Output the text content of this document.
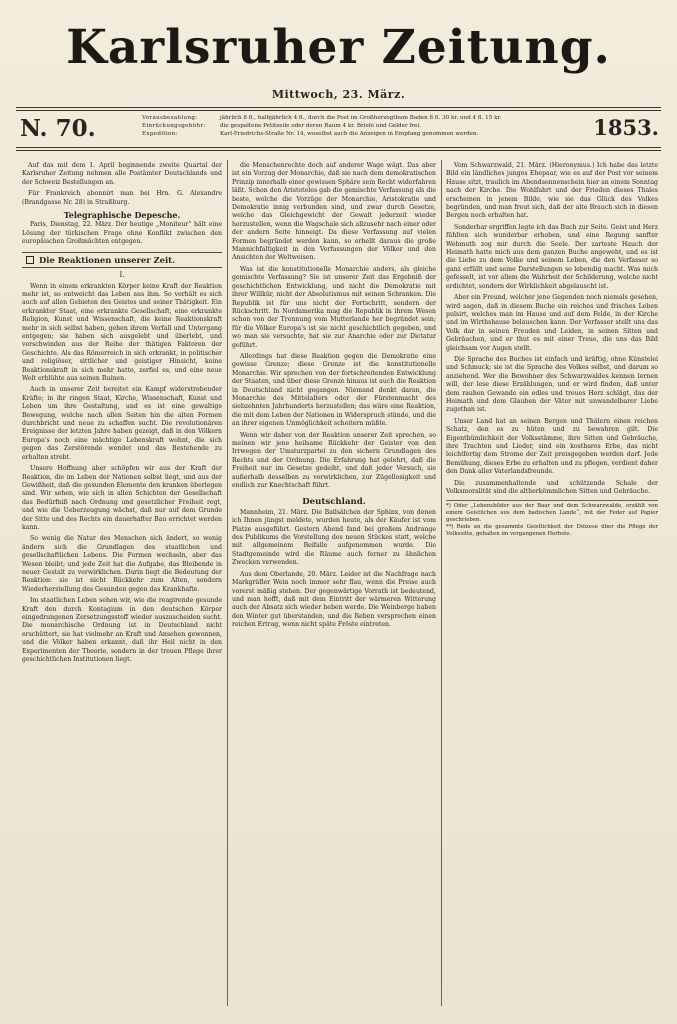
Karlsruher Zeitung.
Mittwoch, 23. März.
N. 70.	Vorausbezahlung:	jährlich 8 fl., halbjährlich 4 fl., durch die Post im Großherzogthum Baden 8 fl. 30 kr. und 4 fl. 15 kr.
Einrückungsgebühr:	die gespaltene Petitzeile oder deren Raum 4 kr. Briefe und Gelder frei.
Expedition:	Karl-Friedrichs-Straße Nr. 14, woselbst auch die Anzeigen in Empfang genommen werden.	1853.

Auf das mit dem 1. April beginnende zweite Quartal der Karlsruher Zeitung nehmen alle Postämter Deutschlands und der Schweiz Bestellungen an.

Für Frankreich abonnirt man bei Hrn. G. Alexandre (Brandgasse Nr. 28) in Straßburg.

Telegraphische Depesche.

Paris, Dienstag, 22. März. Der heutige „Moniteur“ hält eine Lösung der türkischen Frage ohne Konflikt zwischen den europäischen Großmächten entgegen.

Die Reaktionen unserer Zeit.
I.

Wenn in einem erkrankten Körper keine Kraft der Reaktion mehr ist, so entweicht das Leben aus ihm. So verhält es sich auch auf allen Gebieten des Geistes und seiner Thätigkeit. Ein erkrankter Staat, eine erkrankte Gesellschaft, eine erkrankte Religion, Kunst und Wissenschaft, die keine Reaktionskraft mehr in sich selbst haben, gehen ihrem Verfall und Untergang entgegen; sie haben sich ausgelebt und überlebt, und verschwinden aus der Reihe der thätigen Faktoren der Geschichte. Als das Römerreich in sich erkrankt, in politischer und religiöser, sittlicher und geistiger Hinsicht, keine Reaktionskraft in sich mehr hatte, zerfiel es, und eine neue Welt erblühte aus seinen Ruinen.

Auch in unserer Zeit bereitet ein Kampf widerstrebender Kräfte; in ihr ringen Staat, Kirche, Wissenschaft, Kunst und Leben um ihre Gestaltung, und es ist eine gewaltige Bewegung, welche nach allen Seiten hin die alten Formen durchbricht und neue zu schaffen sucht. Die revolutionären Ereignisse der letzten Jahre haben gezeigt, daß in den Völkern Europa's noch eine mächtige Lebenskraft wohnt, die sich gegen das Zerstörende wendet und das Bestehende zu erhalten strebt.

Unsere Hoffnung aber schöpfen wir aus der Kraft der Reaktion, die im Leben der Nationen selbst liegt, und aus der Gewißheit, daß die gesunden Elemente den kranken überlegen sind. Wir sehen, wie sich in allen Schichten der Gesellschaft das Bedürfniß nach Ordnung und gesetzlicher Freiheit regt, und wie die Ueberzeugung wächst, daß nur auf dem Grunde der Sitte und des Rechts ein dauerhafter Bau errichtet werden kann.

So wenig die Natur des Menschen sich ändert, so wenig ändern sich die Grundlagen des staatlichen und gesellschaftlichen Lebens. Die Formen wechseln, aber das Wesen bleibt; und jede Zeit hat die Aufgabe, das Bleibende in neuer Gestalt zu verwirklichen. Darin liegt die Bedeutung der Reaktion: sie ist nicht Rückkehr zum Alten, sondern Wiederherstellung des Gesunden gegen das Krankhafte.

Im staatlichen Leben sehen wir, wie die reagirende gesunde Kraft den durch Kontagium in den deutschen Körper eingedrungenen Zersetzungsstoff wieder auszuscheiden sucht. Die monarchische Ordnung ist in Deutschland nicht erschüttert, sie hat vielmehr an Kraft und Ansehen gewonnen, und die Völker haben erkannt, daß ihr Heil nicht in den Experimenten der Theorie, sondern in der treuen Pflege ihrer geschichtlichen Institutionen liegt.

die Menschenrechte doch auf anderer Wage wägt. Das aber ist ein Vorzug der Monarchie, daß sie nach dem demokratischen Prinzip innerhalb einer gewissen Sphäre sein Recht widerfahren läßt. Schon den Aristoteles gab die gemischte Verfassung als die beste, welche die Vorzüge der Monarchie, Aristokratie und Demokratie innig verbunden sind, und zwar durch Gesetze, welche das Gleichgewicht der Gewalt jederzeit wieder herzustellen, wenn die Wagschale sich allzusehr nach einer oder der andern Seite hinneigt. Da diese Verfassung auf vielen Formen begründet werden kann, so erhellt daraus die große Mannichfaltigkeit in den Verfassungen der Völker und den Ansichten der Weltweisen.

Was ist die konstitutionelle Monarchie anders, als gleiche gemischte Verfassung? Sie ist unserer Zeit das Ergebniß der geschichtlichen Entwicklung, und nicht die Demokratie mit ihrer Willkür, nicht der Absolutismus mit seinen Schranken. Die Republik ist für uns nicht der Fortschritt, sondern der Rückschritt. In Nordamerika mag die Republik in ihrem Wesen schon von der Trennung vom Mutterlande her begründet sein; für die Völker Europa's ist sie nicht geschichtlich gegeben, und wo man sie versuchte, hat sie zur Anarchie oder zur Dictatur geführt.

Allerdings hat diese Reaktion gegen die Demokratie eine gewisse Grenze; diese Grenze ist die konstitutionelle Monarchie. Wir sprechen von der fortschreitenden Entwicklung der Staaten, und über diese Grenze hinaus ist auch die Reaktion in Deutschland nicht gegangen. Niemand denkt daran, die Monarchie des Mittelalters oder der Fürstenmacht des siebzehnten Jahrhunderts herzustellen; das wäre eine Reaktion, die mit dem Leben der Nationen in Widerspruch stünde, und die an ihrer eigenen Unmöglichkeit scheitern müßte.

Wenn wir daher von der Reaktion unserer Zeit sprechen, so meinen wir jene heilsame Rückkehr der Geister von den Irrwegen der Umsturzpartei zu den sichern Grundlagen des Rechts und der Ordnung. Die Erfahrung hat gelehrt, daß die Freiheit nur im Gesetze gedeiht, und daß jeder Versuch, sie außerhalb desselben zu verwirklichen, zur Zügellosigkeit und endlich zur Knechtschaft führt.

Deutschland.

Mannheim, 21. März. Die Ballsälchen der Sphinx, von denen ich Ihnen jüngst meldete, wurden heute, als der Käufer ist vom Platze ausgeführt. Gestern Abend fand bei großem Andrange des Publikums die Vorstellung des neuen Stückes statt, welche mit allgemeinem Beifalle aufgenommen wurde. Die Stadtgemeinde wird die Räume auch ferner zu ähnlichen Zwecken verwenden.

Aus dem Oberlande, 20. März. Leider ist die Nachfrage nach Markgräfler Wein noch immer sehr flau, wenn die Preise auch vorerst mäßig stehen. Der gegenwärtige Vorrath ist bedeutend, und man hofft, daß mit dem Eintritt der wärmeren Witterung auch der Absatz sich wieder heben werde. Die Weinberge haben den Winter gut überstanden, und die Reben versprechen einen reichen Ertrag, wenn nicht späte Fröste eintreten.

Vom Schwarzwald, 21. März. (Hieronymus.) Ich habe das letzte Bild ein ländliches junges Ehepaar, wie es auf der Post vor seinem Hause sitzt, traulich im Abendsonnenschein hier an einem Sonntag nach der Kirche. Die Wohlfahrt und der Frieden dieses Thales erscheinen in jenem Bilde, wie sie das Glück des Volkes begründen, und man freut sich, daß der alte Brauch sich in diesen Bergen noch erhalten hat.

Sonderbar ergriffen legte ich das Buch zur Seite. Geist und Herz fühlten sich wunderbar erhoben, und eine Regung sanfter Wehmuth zog mir durch die Seele. Der zarteste Hauch der Heimath hatte mich aus dem ganzen Buche angeweht, und es ist die Liebe zu dem Volke und seinem Leben, die den Verfasser so ganz erfüllt und seine Darstellungen so lebendig macht. Was mich gefesselt, ist vor allem die Wahrheit der Schilderung, welche nicht erdichtet, sondern der Wirklichkeit abgelauscht ist.

Aber ein Freund, welcher jene Gegenden noch niemals gesehen, wird sagen, daß in diesem Buche ein reiches und frisches Leben pulsirt, welches man im Hause und auf dem Felde, in der Kirche und im Wirthshause belauschen kann. Der Verfasser stellt uns das Volk dar in seinen Freuden und Leiden, in seinen Sitten und Gebräuchen, und er thut es mit einer Treue, die uns das Bild gleichsam vor Augen stellt.

Die Sprache des Buches ist einfach und kräftig, ohne Künstelei und Schmuck; sie ist die Sprache des Volkes selbst, und darum so anziehend. Wer die Bewohner des Schwarzwaldes kennen lernen will, der lese diese Erzählungen, und er wird finden, daß unter dem rauhen Gewande ein edles und treues Herz schlägt, das der Heimath und dem Glauben der Väter mit unwandelbarer Liebe zugethan ist.

Unser Land hat an seinen Bergen und Thälern einen reichen Schatz, den es zu hüten und zu bewahren gilt. Die Eigenthümlichkeit der Volksstämme, ihre Sitten und Gebräuche, ihre Trachten und Lieder, sind ein kostbares Erbe, das nicht leichtfertig dem Strome der Zeit preisgegeben werden darf. Jede Bemühung, dieses Erbe zu erhalten und zu pflegen, verdient daher den Dank aller Vaterlandsfreunde.

Die zusammenhaltende und schützende Schale der Volksmoralität sind die altherkömmlichen Sitten und Gebräuche.

*) Oder „Lebensbilder aus der Baar und dem Schwarzwalde, erzählt von einem Geistlichen aus dem badischen Lande“, mit der Feder auf Papier geschrieben.
**) Rede an die gesammte Geistlichkeit der Diözese über die Pflege der Volkssitte, gehalten im vergangenen Herbste.
